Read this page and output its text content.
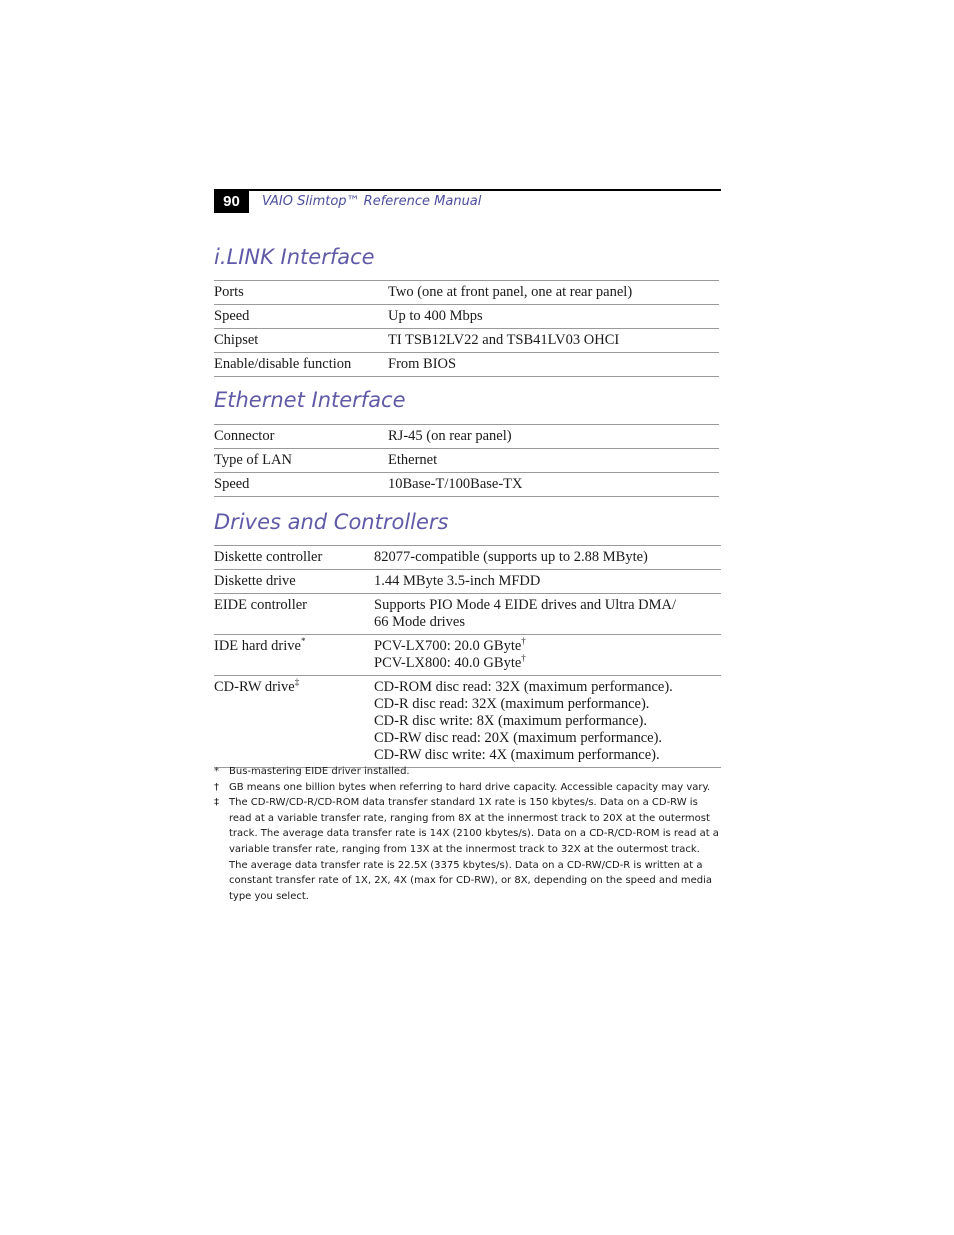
90	VAIO Slimtop™ Reference Manual
i.LINK Interface
Ports	Two (one at front panel, one at rear panel)
Speed	Up to 400 Mbps
Chipset	TI TSB12LV22 and TSB41LV03 OHCI
Enable/disable function	From BIOS
Ethernet Interface
Connector	RJ-45 (on rear panel)
Type of LAN	Ethernet
Speed	10Base-T/100Base-TX
Drives and Controllers
Diskette controller	82077-compatible (supports up to 2.88 MByte)
Diskette drive	1.44 MByte 3.5-inch MFDD
EIDE controller	Supports PIO Mode 4 EIDE drives and Ultra DMA/
66 Mode drives

IDE hard drive*	PCV-LX700: 20.0 GByte†
PCV-LX800: 40.0 GByte†

CD-RW drive‡	CD-ROM disc read: 32X (maximum performance).
CD-R disc read: 32X (maximum performance).
CD-R disc write: 8X (maximum performance).
CD-RW disc read: 20X (maximum performance).
CD-RW disc write: 4X (maximum performance).
*	Bus-mastering EIDE driver installed.
†	GB means one billion bytes when referring to hard drive capacity. Accessible capacity may vary.
‡	The CD-RW/CD-R/CD-ROM data transfer standard 1X rate is 150 kbytes/s. Data on a CD-RW is read at a variable transfer rate, ranging from 8X at the innermost track to 20X at the outermost track. The average data transfer rate is 14X (2100 kbytes/s). Data on a CD-R/CD-ROM is read at a variable transfer rate, ranging from 13X at the innermost track to 32X at the outermost track. The average data transfer rate is 22.5X (3375 kbytes/s). Data on a CD-RW/CD-R is written at a constant transfer rate of 1X, 2X, 4X (max for CD-RW), or 8X, depending on the speed and media type you select.
